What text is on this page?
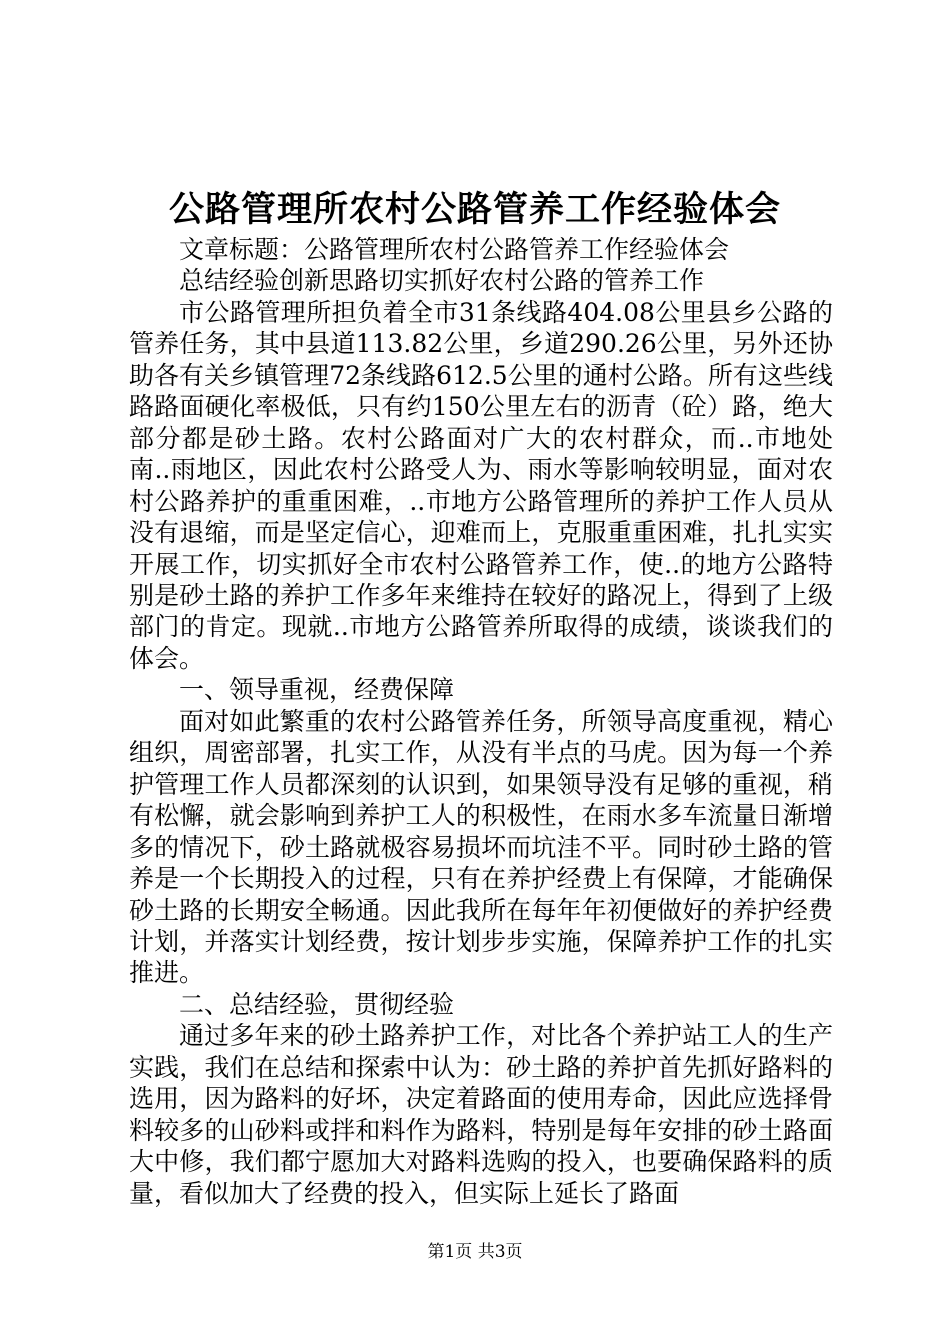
公路管理所农村公路管养工作经验体会

文章标题：公路管理所农村公路管养工作经验体会

总结经验创新思路切实抓好农村公路的管养工作

市公路管理所担负着全市31条线路404.08公里县乡公路的管养任务，其中县道113.82公里，乡道290.26公里，另外还协助各有关乡镇管理72条线路612.5公里的通村公路。所有这些线路路面硬化率极低，只有约150公里左右的沥青（砼）路，绝大部分都是砂土路。农村公路面对广大的农村群众，而..市地处南..雨地区，因此农村公路受人为、雨水等影响较明显，面对农村公路养护的重重困难，..市地方公路管理所的养护工作人员从没有退缩，而是坚定信心，迎难而上，克服重重困难，扎扎实实开展工作，切实抓好全市农村公路管养工作，使..的地方公路特别是砂土路的养护工作多年来维持在较好的路况上，得到了上级部门的肯定。现就..市地方公路管养所取得的成绩，谈谈我们的体会。

一、领导重视，经费保障

面对如此繁重的农村公路管养任务，所领导高度重视，精心组织，周密部署，扎实工作，从没有半点的马虎。因为每一个养护管理工作人员都深刻的认识到，如果领导没有足够的重视，稍有松懈，就会影响到养护工人的积极性，在雨水多车流量日渐增多的情况下，砂土路就极容易损坏而坑洼不平。同时砂土路的管养是一个长期投入的过程，只有在养护经费上有保障，才能确保砂土路的长期安全畅通。因此我所在每年年初便做好的养护经费计划，并落实计划经费，按计划步步实施，保障养护工作的扎实推进。

二、总结经验，贯彻经验

通过多年来的砂土路养护工作，对比各个养护站工人的生产实践，我们在总结和探索中认为：砂土路的养护首先抓好路料的选用，因为路料的好坏，决定着路面的使用寿命，因此应选择骨料较多的山砂料或拌和料作为路料，特别是每年安排的砂土路面大中修，我们都宁愿加大对路料选购的投入，也要确保路料的质量，看似加大了经费的投入，但实际上延长了路面

第1页 共3页
